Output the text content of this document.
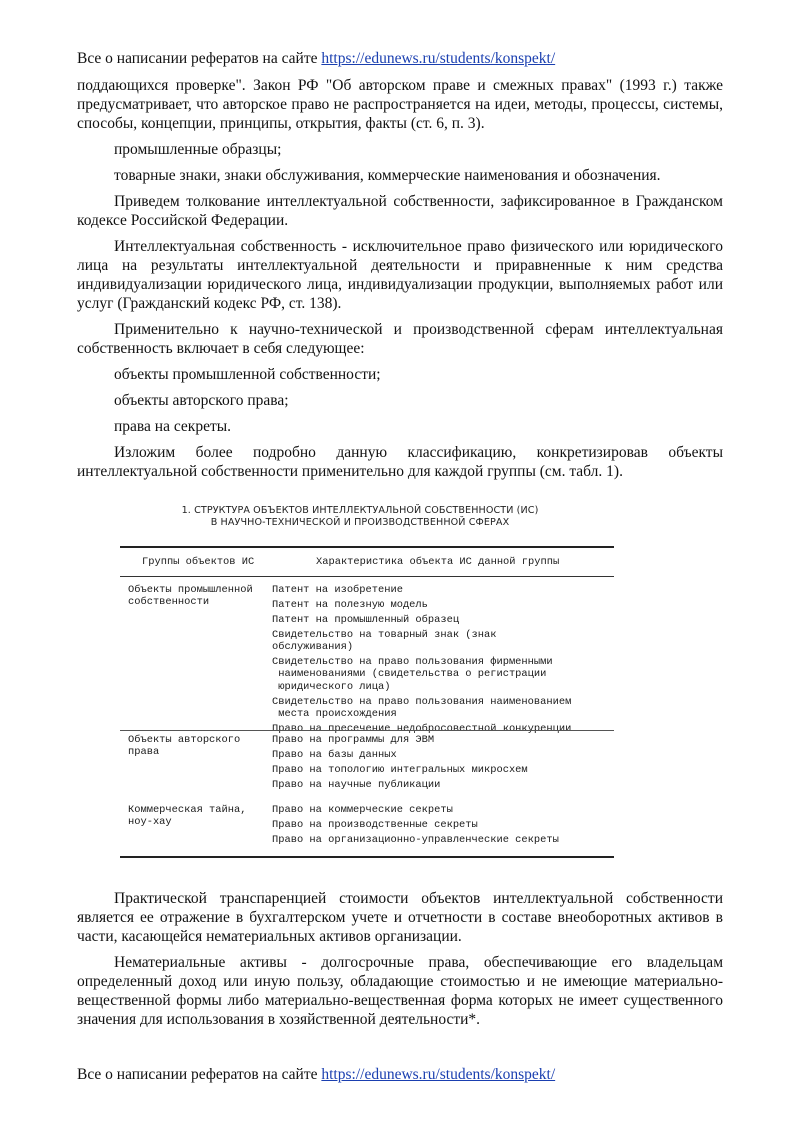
Все о написании рефератов на сайте https://edunews.ru/students/konspekt/

поддающихся проверке". Закон РФ "Об авторском праве и смежных правах" (1993 г.) также предусматривает, что авторское право не распространяется на идеи, методы, процессы, системы, способы, концепции, принципы, открытия, факты (ст. 6, п. 3).

промышленные образцы;

товарные знаки, знаки обслуживания, коммерческие наименования и обозначения.

Приведем толкование интеллектуальной собственности, зафиксированное в Гражданском кодексе Российской Федерации.

Интеллектуальная собственность - исключительное право физического или юридического лица на результаты интеллектуальной деятельности и приравненные к ним средства индивидуализации юридического лица, индивидуализации продукции, выполняемых работ или услуг (Гражданский кодекс РФ, ст. 138).

Применительно к научно-технической и производственной сферам интеллектуальная собственность включает в себя следующее:

объекты промышленной собственности;

объекты авторского права;

права на секреты.

Изложим более подробно данную классификацию, конкретизировав объекты интеллектуальной собственности применительно для каждой группы (см. табл. 1).

1. СТРУКТУРА ОБЪЕКТОВ ИНТЕЛЛЕКТУАЛЬНОЙ СОБСТВЕННОСТИ (ИС)
В НАУЧНО-ТЕХНИЧЕСКОЙ И ПРОИЗВОДСТВЕННОЙ СФЕРАХ
Группы объектов ИС	Характеристика объекта ИС данной группы
Объекты промышленной
собственности
Патент на изобретение
Патент на полезную модель
Патент на промышленный образец
Свидетельство на товарный знак (знак
обслуживания)
Свидетельство на право пользования фирменными
наименованиями (свидетельства о регистрации
юридического лица)
Свидетельство на право пользования наименованием
места происхождения
Право на пресечение недобросовестной конкуренции
Объекты авторского
права
Право на программы для ЭВМ
Право на базы данных
Право на топологию интегральных микросхем
Право на научные публикации
Коммерческая тайна,
ноу-хау
Право на коммерческие секреты
Право на производственные секреты
Право на организационно-управленческие секреты

Практической транспаренцией стоимости объектов интеллектуальной собственности является ее отражение в бухгалтерском учете и отчетности в составе внеоборотных активов в части, касающейся нематериальных активов организации.

Нематериальные активы - долгосрочные права, обеспечивающие его владельцам определенный доход или иную пользу, обладающие стоимостью и не имеющие материально-вещественной формы либо материально-вещественная форма которых не имеет существенного значения для использования в хозяйственной деятельности*.

Все о написании рефератов на сайте https://edunews.ru/students/konspekt/
